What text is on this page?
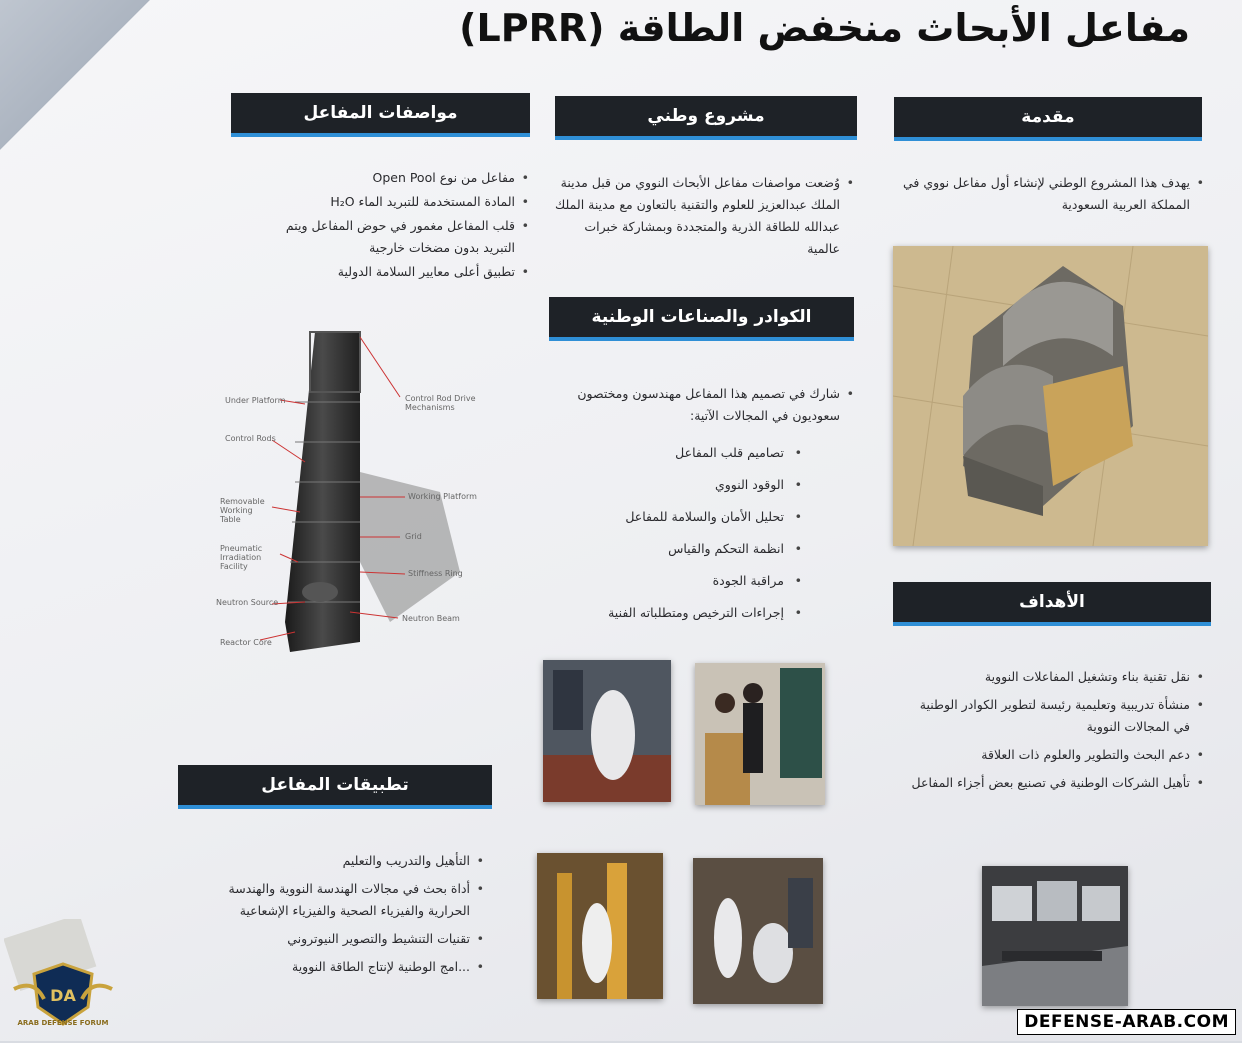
مفاعل الأبحاث منخفض الطاقة (LPRR)
مقدمة
• يهدف هذا المشروع الوطني لإنشاء أول مفاعل نووي في المملكة العربية السعودية
مشروع وطني
• وُضعت مواصفات مفاعل الأبحاث النووي من قبل مدينة الملك عبدالعزيز للعلوم والتقنية بالتعاون مع مدينة الملك عبدالله للطاقة الذرية والمتجددة وبمشاركة خبرات عالمية
مواصفات المفاعل
• مفاعل من نوع Open Pool
• المادة المستخدمة للتبريد الماء H₂O
• قلب المفاعل مغمور في حوض المفاعل ويتم التبريد بدون مضخات خارجية
• تطبيق أعلى معايير السلامة الدولية
Under Platform
Control Rods
Removable Working Table
Pneumatic Irradiation Facility
Neutron Source
Reactor Core
Control Rod Drive Mechanisms
Working Platform
Grid
Stiffness Ring
Neutron Beam
الكوادر والصناعات الوطنية
• شارك في تصميم هذا المفاعل مهندسون ومختصون سعوديون في المجالات الآتية:
• تصاميم قلب المفاعل
• الوقود النووي
• تحليل الأمان والسلامة للمفاعل
• انظمة التحكم والقياس
• مراقبة الجودة
• إجراءات الترخيص ومتطلباته الفنية
الأهداف
• نقل تقنية بناء وتشغيل المفاعلات النووية
• منشأة تدريبية وتعليمية رئيسة لتطوير الكوادر الوطنية في المجالات النووية
• دعم البحث والتطوير والعلوم ذات العلاقة
• تأهيل الشركات الوطنية في تصنيع بعض أجزاء المفاعل
تطبيقات المفاعل
• التأهيل والتدريب والتعليم
• أداة بحث في مجالات الهندسة النووية والهندسة الحرارية والفيزياء الصحية والفيزياء الإشعاعية
• تقنيات التنشيط والتصوير النيوتروني
• ...امج الوطنية لإنتاج الطاقة النووية
DA
ARAB DEFENSE FORUM	DEFENSE-ARAB.COM
